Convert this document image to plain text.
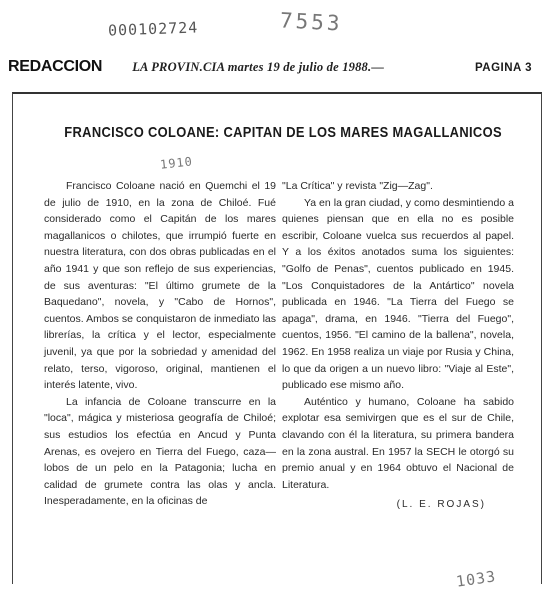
000102724	7553
REDACCION LA PROVIN.CIA martes 19 de julio de 1988.—	PAGINA 3
FRANCISCO COLOANE: CAPITAN DE LOS MARES MAGALLANICOS
1910

Francisco Coloane nació en Quemchi el 19 de julio de 1910, en la zona de Chiloé. Fué considerado como el Capitán de los mares magallanicos o chilotes, que irrumpió fuerte en nuestra literatura, con dos obras publicadas en el año 1941 y que son reflejo de sus experiencias, de sus aventuras: "El último grumete de la Baquedano", novela, y "Cabo de Hornos", cuentos. Ambos se conquistaron de inmediato las librerías, la crítica y el lector, especialmente juvenil, ya que por la sobriedad y amenidad del relato, terso, vigoroso, original, mantienen el interés latente, vivo.

La infancia de Coloane transcurre en la "loca", mágica y misteriosa geografía de Chiloé; sus estudios los efectúa en Ancud y Punta Arenas, es ovejero en Tierra del Fuego, caza—lobos de un pelo en la Patagonia; lucha en calidad de grumete contra las olas y ancla. Inesperadamente, en la oficinas de

"La Crítica" y revista "Zig—Zag".

Ya en la gran ciudad, y como desmintiendo a quienes piensan que en ella no es posible escribir, Coloane vuelca sus recuerdos al papel. Y a los éxitos anotados suma los siguientes: "Golfo de Penas", cuentos publicado en 1945. "Los Conquistadores de la Antártico" novela publicada en 1946. "La Tierra del Fuego se apaga", drama, en 1946. "Tierra del Fuego", cuentos, 1956. "El camino de la ballena", novela, 1962. En 1958 realiza un viaje por Rusia y China, lo que da origen a un nuevo libro: "Viaje al Este", publicado ese mismo año.

Auténtico y humano, Coloane ha sabido explotar esa semivirgen que es el sur de Chile, clavando con él la literatura, su primera bandera en la zona austral. En 1957 la SECH le otorgó su premio anual y en 1964 obtuvo el Nacional de Literatura.

(L. E. ROJAS)
1033
